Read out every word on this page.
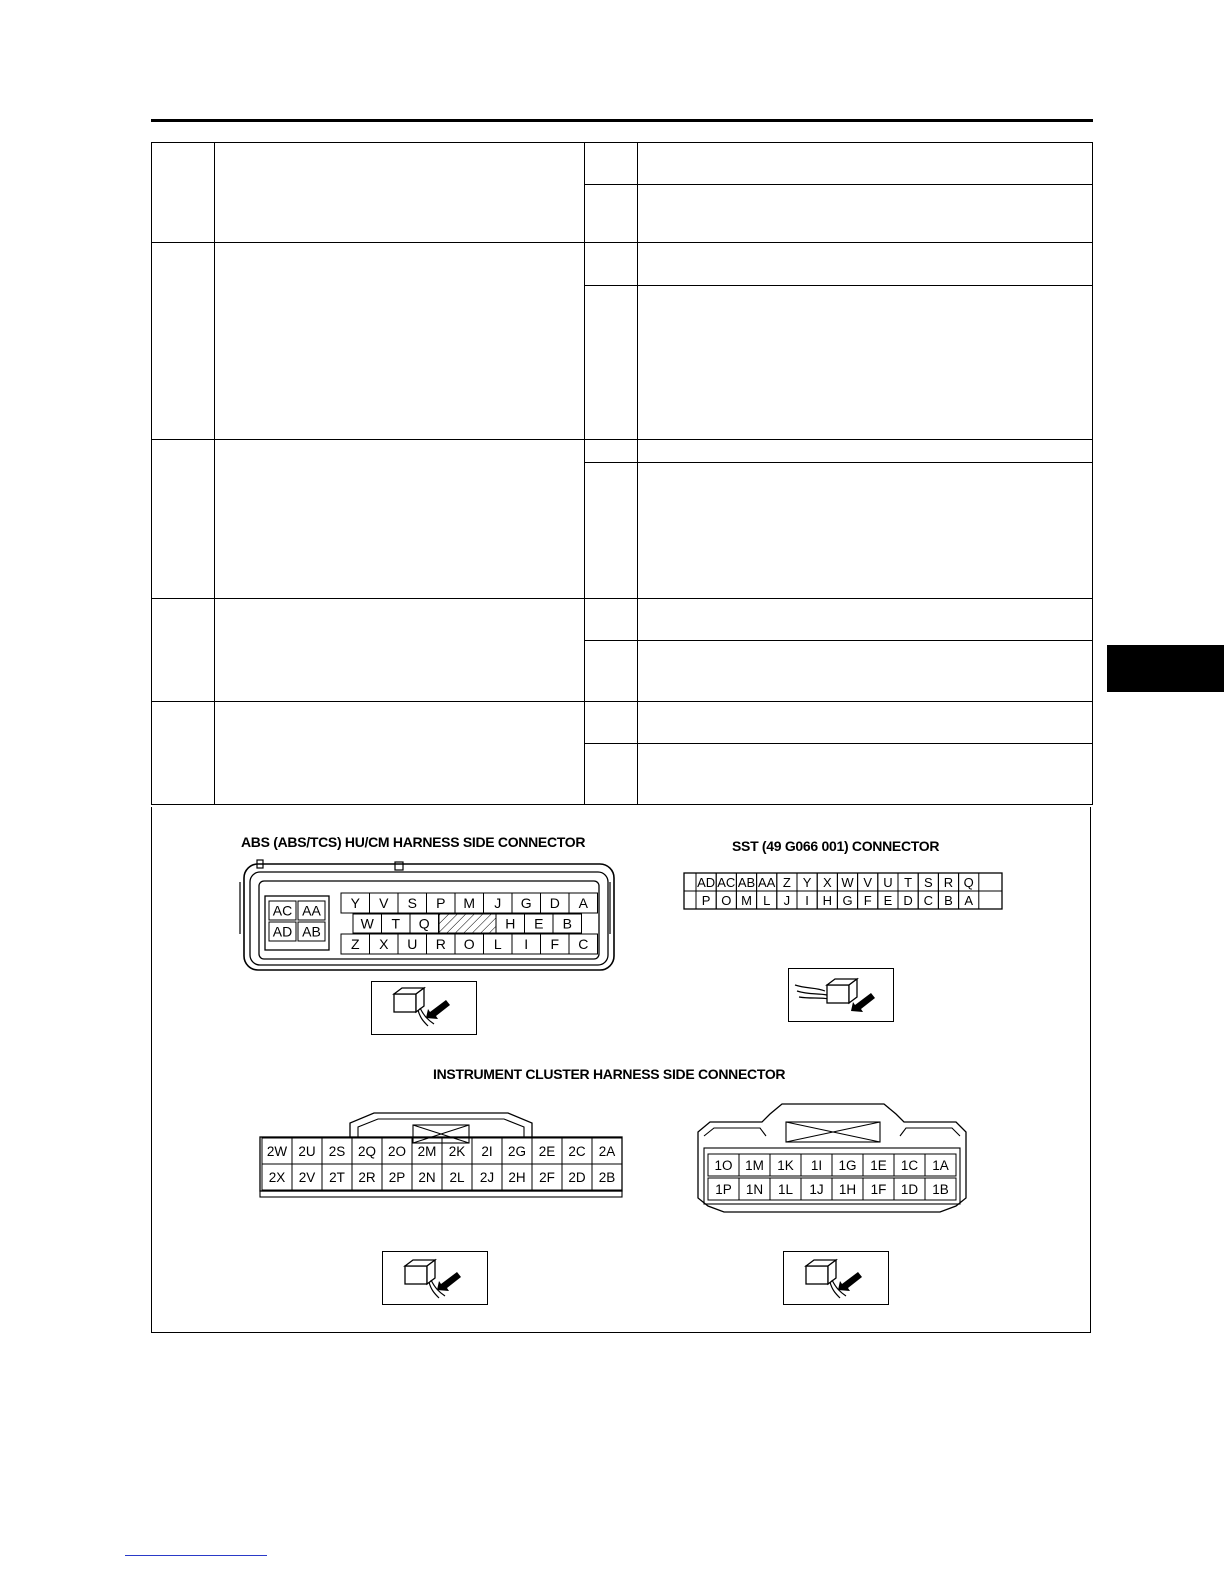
ABS (ABS/TCS) HU/CM HARNESS SIDE CONNECTOR
AC AA
AD AB
Y V S P M J G D A
W T Q	H E B
Z X U R O L I F C
SST (49 G066 001) CONNECTOR
AD AC AB AA Z Y X W V U T S R Q
P O M L J I H G F E D C B A
INSTRUMENT CLUSTER HARNESS SIDE CONNECTOR
2W 2U 2S 2Q 2O 2M 2K 2I 2G 2E 2C 2A
2X 2V 2T 2R 2P 2N 2L 2J 2H 2F 2D 2B
1O 1M 1K 1I 1G 1E 1C 1A
1P 1N 1L 1J 1H 1F 1D 1B
